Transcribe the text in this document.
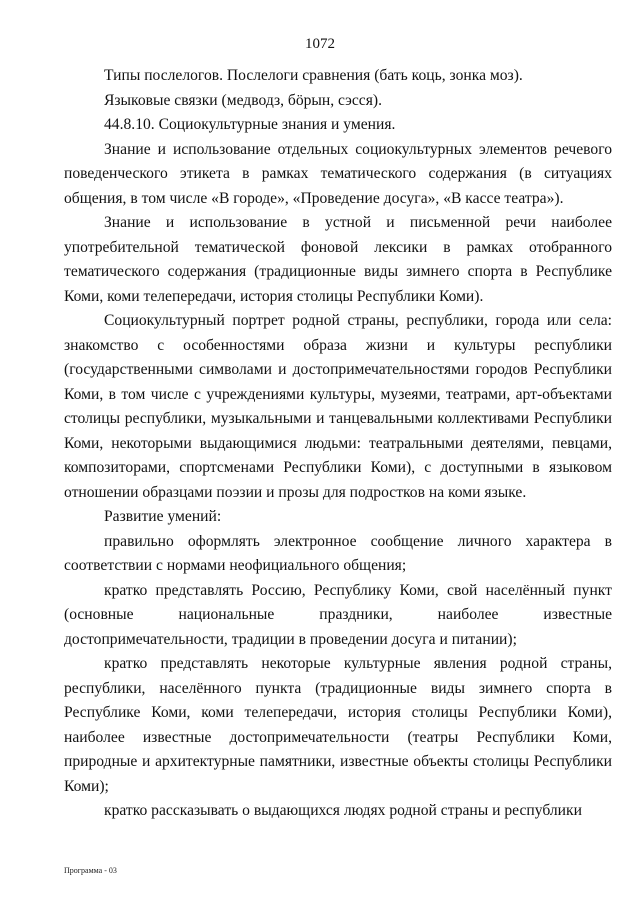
1072

Типы послелогов. Послелоги сравнения (бать коць, зонка моз).

Языковые связки (медводз, бӧрын, сэсся).

44.8.10. Социокультурные знания и умения.

Знание и использование отдельных социокультурных элементов речевого поведенческого этикета в рамках тематического содержания (в ситуациях общения, в том числе «В городе», «Проведение досуга», «В кассе театра»).

Знание и использование в устной и письменной речи наиболее употребительной тематической фоновой лексики в рамках отобранного тематического содержания (традиционные виды зимнего спорта в Республике Коми, коми телепередачи, история столицы Республики Коми).

Социокультурный портрет родной страны, республики, города или села: знакомство с особенностями образа жизни и культуры республики (государственными символами и достопримечательностями городов Республики Коми, в том числе с учреждениями культуры, музеями, театрами, арт-объектами столицы республики, музыкальными и танцевальными коллективами Республики Коми, некоторыми выдающимися людьми: театральными деятелями, певцами, композиторами, спортсменами Республики Коми), с доступными в языковом отношении образцами поэзии и прозы для подростков на коми языке.

Развитие умений:

правильно оформлять электронное сообщение личного характера в соответствии с нормами неофициального общения;

кратко представлять Россию, Республику Коми, свой населённый пункт (основные национальные праздники, наиболее известные достопримечательности, традиции в проведении досуга и питании);

кратко представлять некоторые культурные явления родной страны, республики, населённого пункта (традиционные виды зимнего спорта в Республике Коми, коми телепередачи, история столицы Республики Коми), наиболее известные достопримечательности (театры Республики Коми, природные и архитектурные памятники, известные объекты столицы Республики Коми);

кратко рассказывать о выдающихся людях родной страны и республики

Программа - 03
